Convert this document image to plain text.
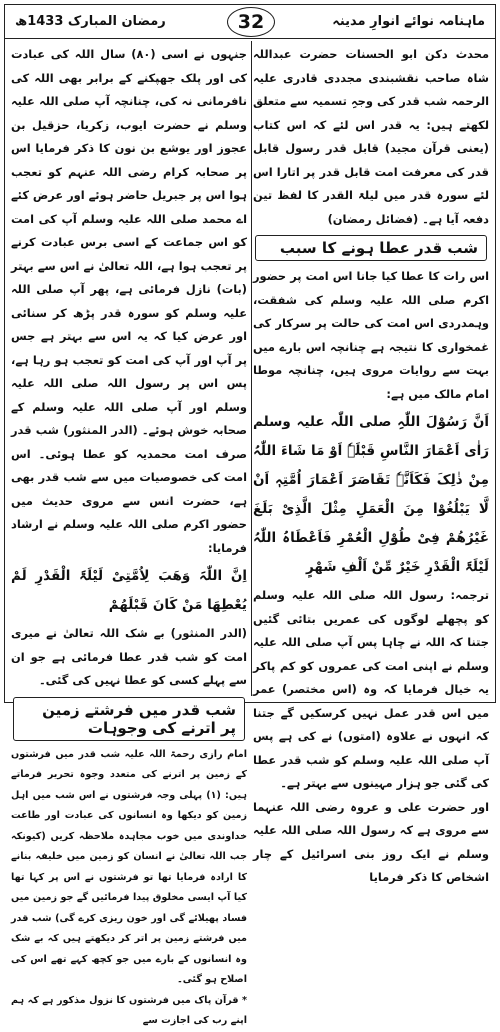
ماہنامہ نوائے انوارِ مدینہ
32
رمضان المبارک 1433ھ

محدث دکن ابو الحسنات حضرت عبداللہ شاہ صاحب نقشبندی مجددی قادری علیہ الرحمہ شب قدر کی وجہِ تسمیہ سے متعلق لکھتے ہیں: یہ قدر اس لئے کہ اس کتاب (یعنی قرآن مجید) قابل قدر رسول قابل قدر کی معرفت امت قابل قدر پر اتارا اس لئے سورہ قدر میں لیلۃ القدر کا لفظ تین دفعہ آیا ہے۔ (فضائل رمضان)

شب قدر عطا ہونے کا سبب

اس رات کا عطا کیا جانا اس امت پر حضور اکرم صلی اللہ علیہ وسلم کی شفقت، وہمدردی اس امت کی حالت پر سرکار کی غمخواری کا نتیجہ ہے چنانچہ اس بارے میں بہت سے روایات مروی ہیں، چنانچہ موطا امام مالک میں ہے:

اَنَّ رَسُوْلَ اللّٰہِ صلی اللّٰہ علیہ وسلم رَاٰی اَعْمَارَ النَّاسِ قَبْلَہٗ اَوْ مَا شَاءَ اللّٰہُ مِنْ ذٰلِکَ فَکَاَنَّہٗ تَقَاصَرَ اَعْمَارَ اُمَّتِہٖ اَنْ لَّا یَبْلُغُوْا مِنَ الْعَمَلِ مِثْلَ الَّذِیْ بَلَغَ غَیْرُھُمْ فِیْ طُوْلِ الْعُمْرِ فَاَعْطَاہُ اللّٰہُ لَیْلَۃَ الْقَدْرِ خَیْرٌ مِّنْ اَلْفِ شَھْرٍ

ترجمہ: رسول اللہ صلی اللہ علیہ وسلم کو پچھلے لوگوں کی عمریں بتائی گئیں جتنا کہ اللہ نے چاہا پس آپ صلی اللہ علیہ وسلم نے اپنی امت کی عمروں کو کم پاکر یہ خیال فرمایا کہ وہ (اس مختصر) عمر میں اس قدر عمل نہیں کرسکیں گے جتنا کہ انہوں نے علاوہ (امتوں) نے کی ہے پس آپ صلی اللہ علیہ وسلم کو شب قدر عطا کی گئی جو ہزار مہینوں سے بہتر ہے۔

اور حضرت علی و عروہ رضی اللہ عنہما سے مروی ہے کہ رسول اللہ صلی اللہ علیہ وسلم نے ایک روز بنی اسرائیل کے چار اشخاص کا ذکر فرمایا

جنہوں نے اسی (۸۰) سال اللہ کی عبادت کی اور پلک جھپکنے کے برابر بھی اللہ کی نافرمانی نہ کی، چنانچہ آپ صلی اللہ علیہ وسلم نے حضرت ایوب، زکریا، حزقیل بن عجوز اور یوشع بن نون کا ذکر فرمایا اس پر صحابہ کرام رضی اللہ عنہم کو تعجب ہوا اس پر جبریل حاضر ہوئے اور عرض کئے اے محمد صلی اللہ علیہ وسلم آپ کی امت کو اس جماعت کے اسی برس عبادت کرنے پر تعجب ہوا ہے، اللہ تعالیٰ نے اس سے بہتر (بات) نازل فرمائی ہے، پھر آپ صلی اللہ علیہ وسلم کو سورہ قدر پڑھ کر سنائی اور عرض کیا کہ یہ اس سے بہتر ہے جس پر آپ اور آپ کی امت کو تعجب ہو رہا ہے، پس اس پر رسول اللہ صلی اللہ علیہ وسلم اور آپ صلی اللہ علیہ وسلم کے صحابہ خوش ہوئے۔ (الدر المنثور) شب قدر صرف امت محمدیہ کو عطا ہوئی۔ اس امت کی خصوصیات میں سے شب قدر بھی ہے، حضرت انس سے مروی حدیث میں حضور اکرم صلی اللہ علیہ وسلم نے ارشاد فرمایا:

اِنَّ اللّٰہَ وَھَبَ لِاُمَّتِیْ لَیْلَۃَ الْقَدْرِ لَمْ یُعْطِھَا مَنْ کَانَ قَبْلَھُمْ

(الدر المنثور) بے شک اللہ تعالیٰ نے میری امت کو شب قدر عطا فرمائی ہے جو ان سے پہلے کسی کو عطا نہیں کی گئی۔

شب قدر میں فرشتے زمین پر اترنے کی وجوہات

امام رازی رحمۃ اللہ علیہ شب قدر میں فرشتوں کے زمین پر اترنے کی متعدد وجوہ تحریر فرماتے ہیں: (۱) پہلی وجہ فرشتوں نے اس شب میں اہل زمین کو دیکھا وہ انسانوں کی عبادت اور طاعت خداوندی میں خوب مجاہدہ ملاحظہ کریں (کیونکہ جب اللہ تعالیٰ نے انسان کو زمین میں خلیفہ بنانے کا ارادہ فرمایا تھا تو فرشتوں نے اس پر کہا تھا کیا آپ ایسی مخلوق پیدا فرمائیں گے جو زمین میں فساد پھیلائے گی اور خون ریزی کرے گی) شب قدر میں فرشتے زمین پر اتر کر دیکھتے ہیں کہ بے شک وہ انسانوں کے بارے میں جو کچھ کہے تھے اس کی اصلاح ہو گئی۔

* قرآن پاک میں فرشتوں کا نزول مذکور ہے کہ ہم اپنے رب کی اجازت سے
